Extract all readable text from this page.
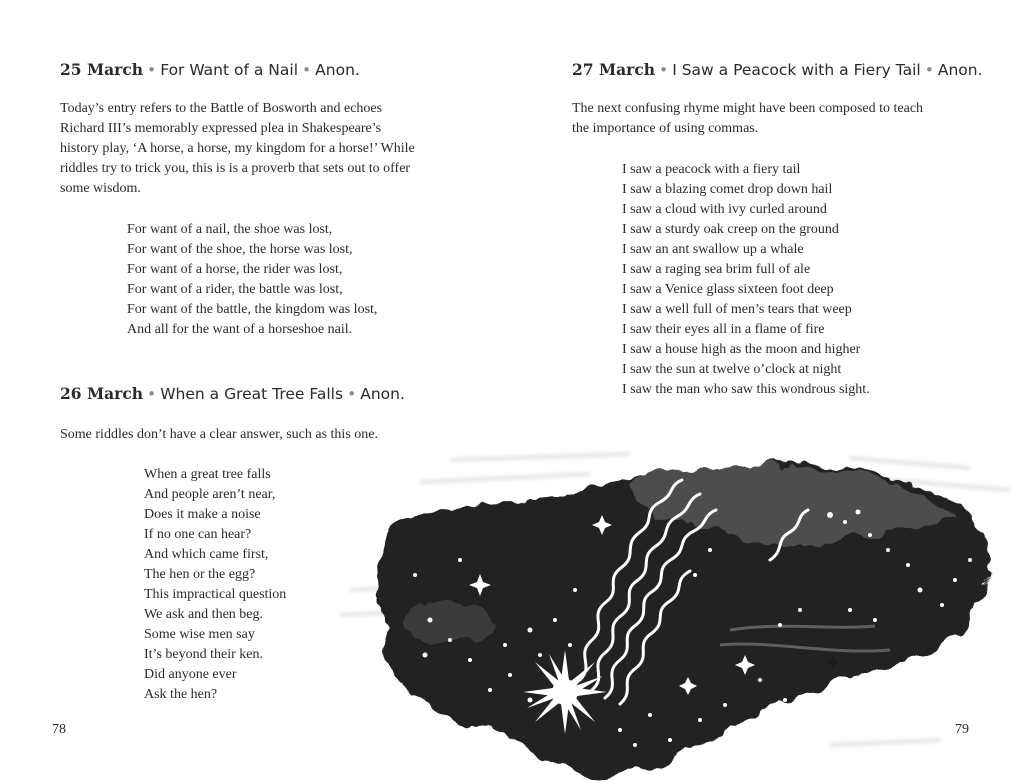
25 March • For Want of a Nail • Anon.
Today’s entry refers to the Battle of Bosworth and echoes
Richard III’s memorably expressed plea in Shakespeare’s
history play, ‘A horse, a horse, my kingdom for a horse!’ While
riddles try to trick you, this is is a proverb that sets out to offer
some wisdom.
For want of a nail, the shoe was lost,
For want of the shoe, the horse was lost,
For want of a horse, the rider was lost,
For want of a rider, the battle was lost,
For want of the battle, the kingdom was lost,
And all for the want of a horseshoe nail.
26 March • When a Great Tree Falls • Anon.
Some riddles don’t have a clear answer, such as this one.
When a great tree falls
And people aren’t near,
Does it make a noise
If no one can hear?
And which came first,
The hen or the egg?
This impractical question
We ask and then beg.
Some wise men say
It’s beyond their ken.
Did anyone ever
Ask the hen?
78
27 March • I Saw a Peacock with a Fiery Tail • Anon.
The next confusing rhyme might have been composed to teach
the importance of using commas.
I saw a peacock with a fiery tail
I saw a blazing comet drop down hail
I saw a cloud with ivy curled around
I saw a sturdy oak creep on the ground
I saw an ant swallow up a whale
I saw a raging sea brim full of ale
I saw a Venice glass sixteen foot deep
I saw a well full of men’s tears that weep
I saw their eyes all in a flame of fire
I saw a house high as the moon and higher
I saw the sun at twelve o’clock at night
I saw the man who saw this wondrous sight.
79
